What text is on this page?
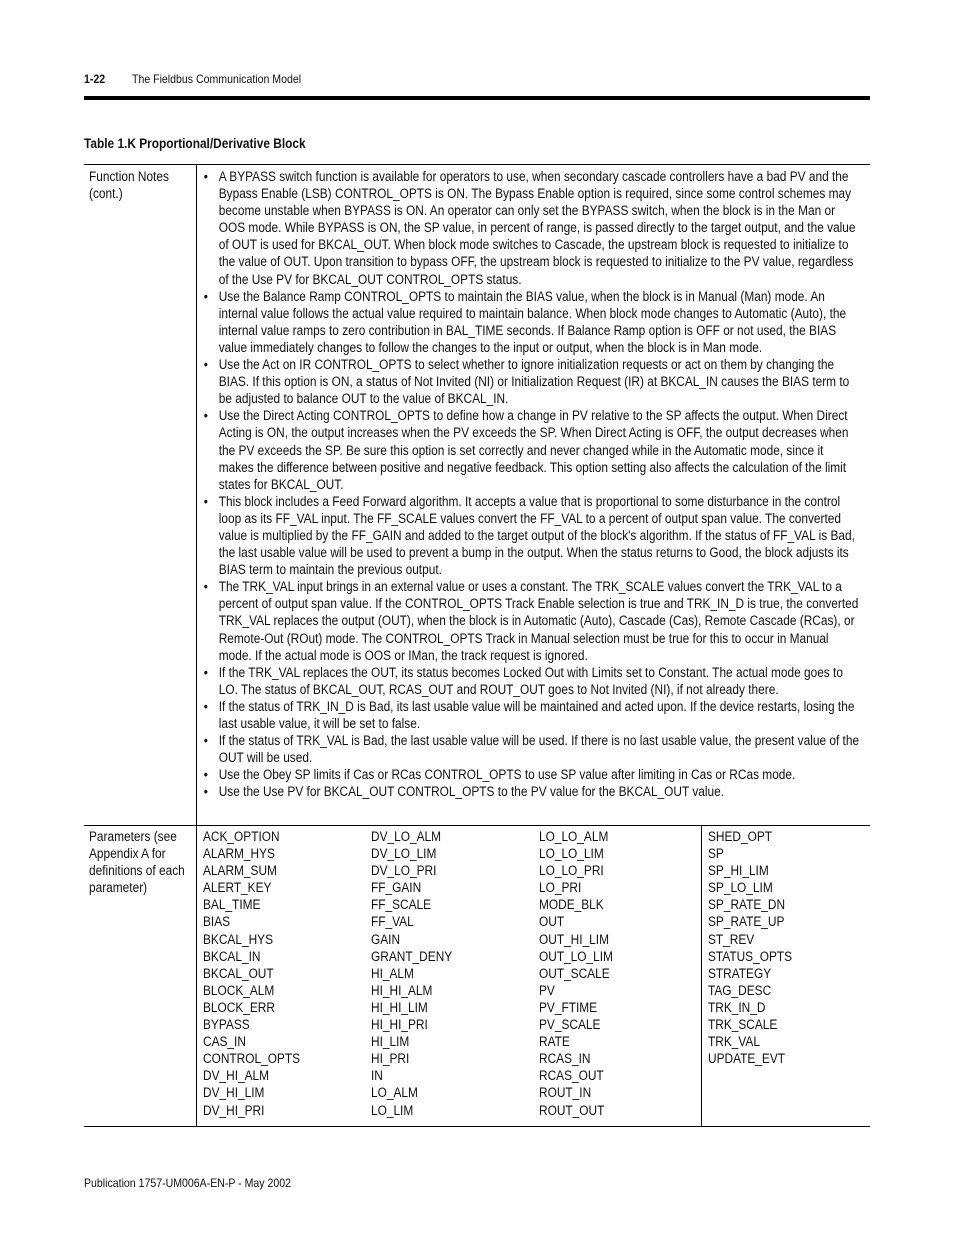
1-22 The Fieldbus Communication Model
Table 1.K Proportional/Derivative Block
Function Notes (cont.)
• A BYPASS switch function is available for operators to use, when secondary cascade controllers have a bad PV and the Bypass Enable (LSB) CONTROL_OPTS is ON. The Bypass Enable option is required, since some control schemes may become unstable when BYPASS is ON. An operator can only set the BYPASS switch, when the block is in the Man or OOS mode. While BYPASS is ON, the SP value, in percent of range, is passed directly to the target output, and the value of OUT is used for BKCAL_OUT. When block mode switches to Cascade, the upstream block is requested to initialize to the value of OUT. Upon transition to bypass OFF, the upstream block is requested to initialize to the PV value, regardless of the Use PV for BKCAL_OUT CONTROL_OPTS status.
• Use the Balance Ramp CONTROL_OPTS to maintain the BIAS value, when the block is in Manual (Man) mode. An internal value follows the actual value required to maintain balance. When block mode changes to Automatic (Auto), the internal value ramps to zero contribution in BAL_TIME seconds. If Balance Ramp option is OFF or not used, the BIAS value immediately changes to follow the changes to the input or output, when the block is in Man mode.
• Use the Act on IR CONTROL_OPTS to select whether to ignore initialization requests or act on them by changing the BIAS. If this option is ON, a status of Not Invited (NI) or Initialization Request (IR) at BKCAL_IN causes the BIAS term to be adjusted to balance OUT to the value of BKCAL_IN.
• Use the Direct Acting CONTROL_OPTS to define how a change in PV relative to the SP affects the output. When Direct Acting is ON, the output increases when the PV exceeds the SP. When Direct Acting is OFF, the output decreases when the PV exceeds the SP. Be sure this option is set correctly and never changed while in the Automatic mode, since it makes the difference between positive and negative feedback. This option setting also affects the calculation of the limit states for BKCAL_OUT.
• This block includes a Feed Forward algorithm. It accepts a value that is proportional to some disturbance in the control loop as its FF_VAL input. The FF_SCALE values convert the FF_VAL to a percent of output span value. The converted value is multiplied by the FF_GAIN and added to the target output of the block's algorithm. If the status of FF_VAL is Bad, the last usable value will be used to prevent a bump in the output. When the status returns to Good, the block adjusts its BIAS term to maintain the previous output.
• The TRK_VAL input brings in an external value or uses a constant. The TRK_SCALE values convert the TRK_VAL to a percent of output span value. If the CONTROL_OPTS Track Enable selection is true and TRK_IN_D is true, the converted TRK_VAL replaces the output (OUT), when the block is in Automatic (Auto), Cascade (Cas), Remote Cascade (RCas), or Remote-Out (ROut) mode. The CONTROL_OPTS Track in Manual selection must be true for this to occur in Manual mode. If the actual mode is OOS or IMan, the track request is ignored.
• If the TRK_VAL replaces the OUT, its status becomes Locked Out with Limits set to Constant. The actual mode goes to LO. The status of BKCAL_OUT, RCAS_OUT and ROUT_OUT goes to Not Invited (NI), if not already there.
• If the status of TRK_IN_D is Bad, its last usable value will be maintained and acted upon. If the device restarts, losing the last usable value, it will be set to false.
• If the status of TRK_VAL is Bad, the last usable value will be used. If there is no last usable value, the present value of the OUT will be used.
• Use the Obey SP limits if Cas or RCas CONTROL_OPTS to use SP value after limiting in Cas or RCas mode.
• Use the Use PV for BKCAL_OUT CONTROL_OPTS to the PV value for the BKCAL_OUT value.
Parameters (see Appendix A for definitions of each parameter)
ACK_OPTION
ALARM_HYS
ALARM_SUM
ALERT_KEY
BAL_TIME
BIAS
BKCAL_HYS
BKCAL_IN
BKCAL_OUT
BLOCK_ALM
BLOCK_ERR
BYPASS
CAS_IN
CONTROL_OPTS
DV_HI_ALM
DV_HI_LIM
DV_HI_PRI
DV_LO_ALM
DV_LO_LIM
DV_LO_PRI
FF_GAIN
FF_SCALE
FF_VAL
GAIN
GRANT_DENY
HI_ALM
HI_HI_ALM
HI_HI_LIM
HI_HI_PRI
HI_LIM
HI_PRI
IN
LO_ALM
LO_LIM
LO_LO_ALM
LO_LO_LIM
LO_LO_PRI
LO_PRI
MODE_BLK
OUT
OUT_HI_LIM
OUT_LO_LIM
OUT_SCALE
PV
PV_FTIME
PV_SCALE
RATE
RCAS_IN
RCAS_OUT
ROUT_IN
ROUT_OUT
SHED_OPT
SP
SP_HI_LIM
SP_LO_LIM
SP_RATE_DN
SP_RATE_UP
ST_REV
STATUS_OPTS
STRATEGY
TAG_DESC
TRK_IN_D
TRK_SCALE
TRK_VAL
UPDATE_EVT
Publication 1757-UM006A-EN-P - May 2002
